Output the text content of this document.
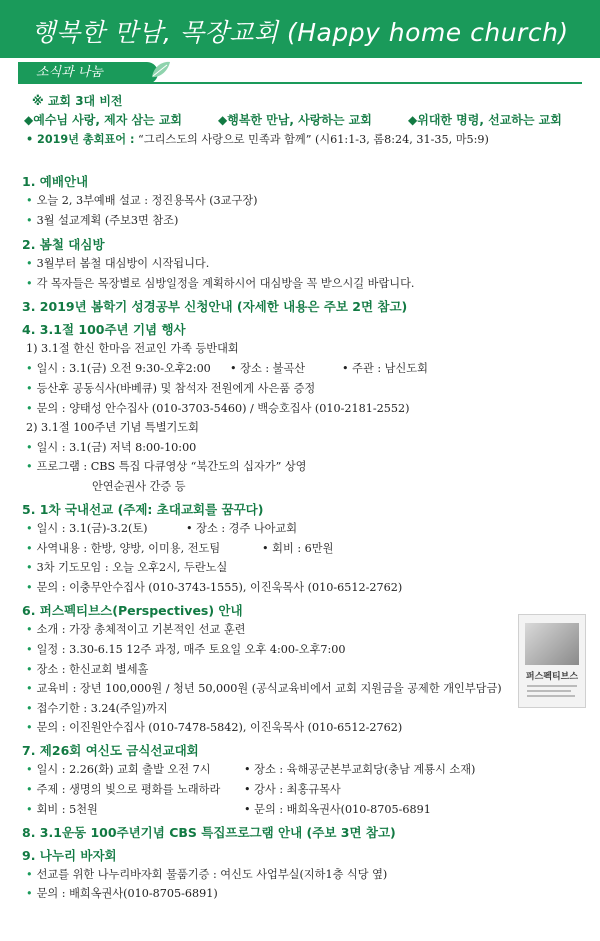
행복한 만남, 목장교회 (Happy home church)
소식과 나눔
※ 교회 3대 비전
◆예수님 사랑, 제자 삼는 교회	◆행복한 만남, 사랑하는 교회	◆위대한 명령, 선교하는 교회
• 2019년 총회표어 : “그리스도의 사랑으로 민족과 함께” (시61:1-3, 롬8:24, 31-35, 마5:9)
1. 예배안내
• 오늘 2, 3부예배 설교 : 정진용목사 (3교구장)
• 3월 설교계획 (주보3면 참조)
2. 봄철 대심방
• 3월부터 봄철 대심방이 시작됩니다.
• 각 목자들은 목장별로 심방일정을 계획하시어 대심방을 꼭 받으시길 바랍니다.
3. 2019년 봄학기 성경공부 신청안내 (자세한 내용은 주보 2면 참고)
4. 3.1절 100주년 기념 행사
1) 3.1절 한신 한마음 전교인 가족 등반대회
• 일시 : 3.1(금) 오전 9:30-오후2:00 • 장소 : 불곡산	• 주관 : 남신도회
• 등산후 공동식사(바베큐) 및 참석자 전원에게 사은품 증정
• 문의 : 양태성 안수집사 (010-3703-5460) / 백승호집사 (010-2181-2552)
2) 3.1절 100주년 기념 특별기도회
• 일시 : 3.1(금) 저녁 8:00-10:00
• 프로그램 : CBS 특집 다큐영상 “북간도의 십자가” 상영
안연순권사 간증 등
5. 1차 국내선교 (주제: 초대교회를 꿈꾸다)
• 일시 : 3.1(금)-3.2(토)	• 장소 : 경주 나아교회
• 사역내용 : 한방, 양방, 이미용, 전도팀	• 회비 : 6만원
• 3차 기도모임 : 오늘 오후2시, 두란노실
• 문의 : 이충무안수집사 (010-3743-1555), 이진욱목사 (010-6512-2762)
6. 퍼스펙티브스(Perspectives) 안내
• 소개 : 가장 총체적이고 기본적인 선교 훈련
• 일정 : 3.30-6.15 12주 과정, 매주 토요일 오후 4:00-오후7:00
• 장소 : 한신교회 별세홀
• 교육비 : 장년 100,000원 / 청년 50,000원 (공식교육비에서 교회 지원금을 공제한 개인부담금)
• 접수기한 : 3.24(주일)까지
• 문의 : 이진원안수집사 (010-7478-5842), 이진욱목사 (010-6512-2762)
퍼스펙티브스
7. 제26회 여신도 금식선교대회
• 일시 : 2.26(화) 교회 출발 오전 7시	• 장소 : 육해공군본부교회당(충남 계룡시 소재)
• 주제 : 생명의 빛으로 평화를 노래하라 • 강사 : 최홍규목사
• 회비 : 5천원	• 문의 : 배희옥권사(010-8705-6891
8. 3.1운동 100주년기념 CBS 특집프로그램 안내 (주보 3면 참고)
9. 나누리 바자회
• 선교를 위한 나누리바자회 물품기증 : 여신도 사업부실(지하1층 식당 옆)
• 문의 : 배희옥권사(010-8705-6891)
